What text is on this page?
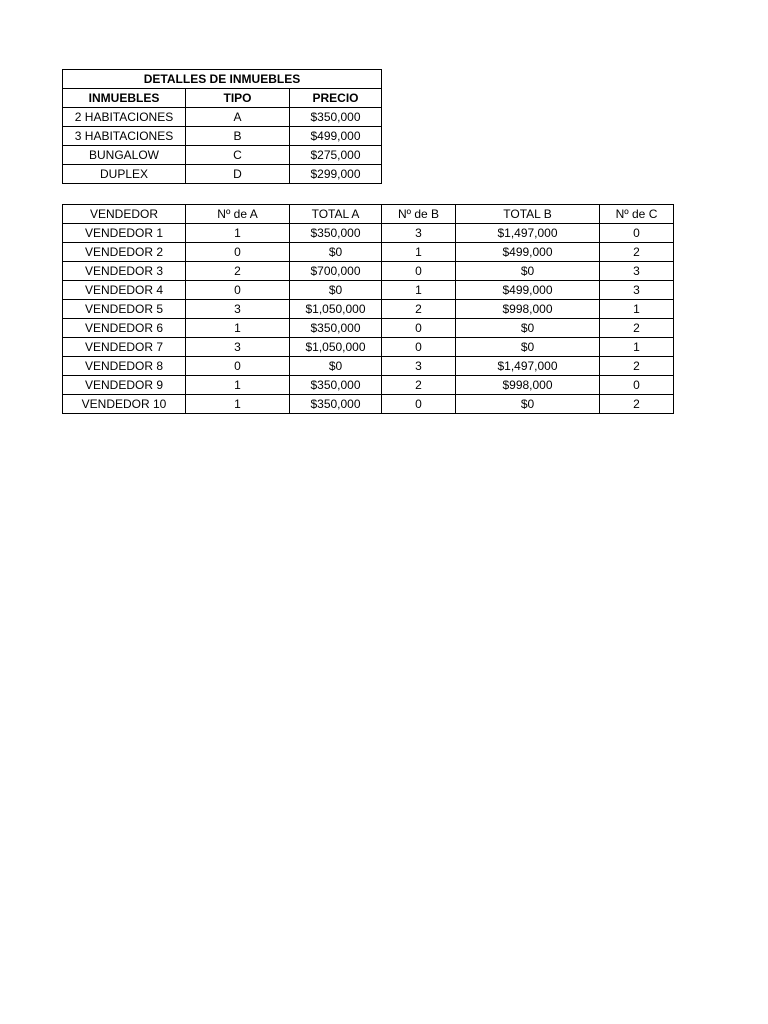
DETALLES DE INMUEBLES		
INMUEBLES	TIPO	PRECIO
2 HABITACIONES	A	$350,000
3 HABITACIONES	B	$499,000
BUNGALOW	C	$275,000
DUPLEX	D	$299,000
VENDEDOR	Nº de A	TOTAL A	Nº de B	TOTAL B	Nº de C
VENDEDOR 1	1	$350,000	3	$1,497,000	0
VENDEDOR 2	0	$0	1	$499,000	2
VENDEDOR 3	2	$700,000	0	$0	3
VENDEDOR 4	0	$0	1	$499,000	3
VENDEDOR 5	3	$1,050,000	2	$998,000	1
VENDEDOR 6	1	$350,000	0	$0	2
VENDEDOR 7	3	$1,050,000	0	$0	1
VENDEDOR 8	0	$0	3	$1,497,000	2
VENDEDOR 9	1	$350,000	2	$998,000	0
VENDEDOR 10	1	$350,000	0	$0	2
